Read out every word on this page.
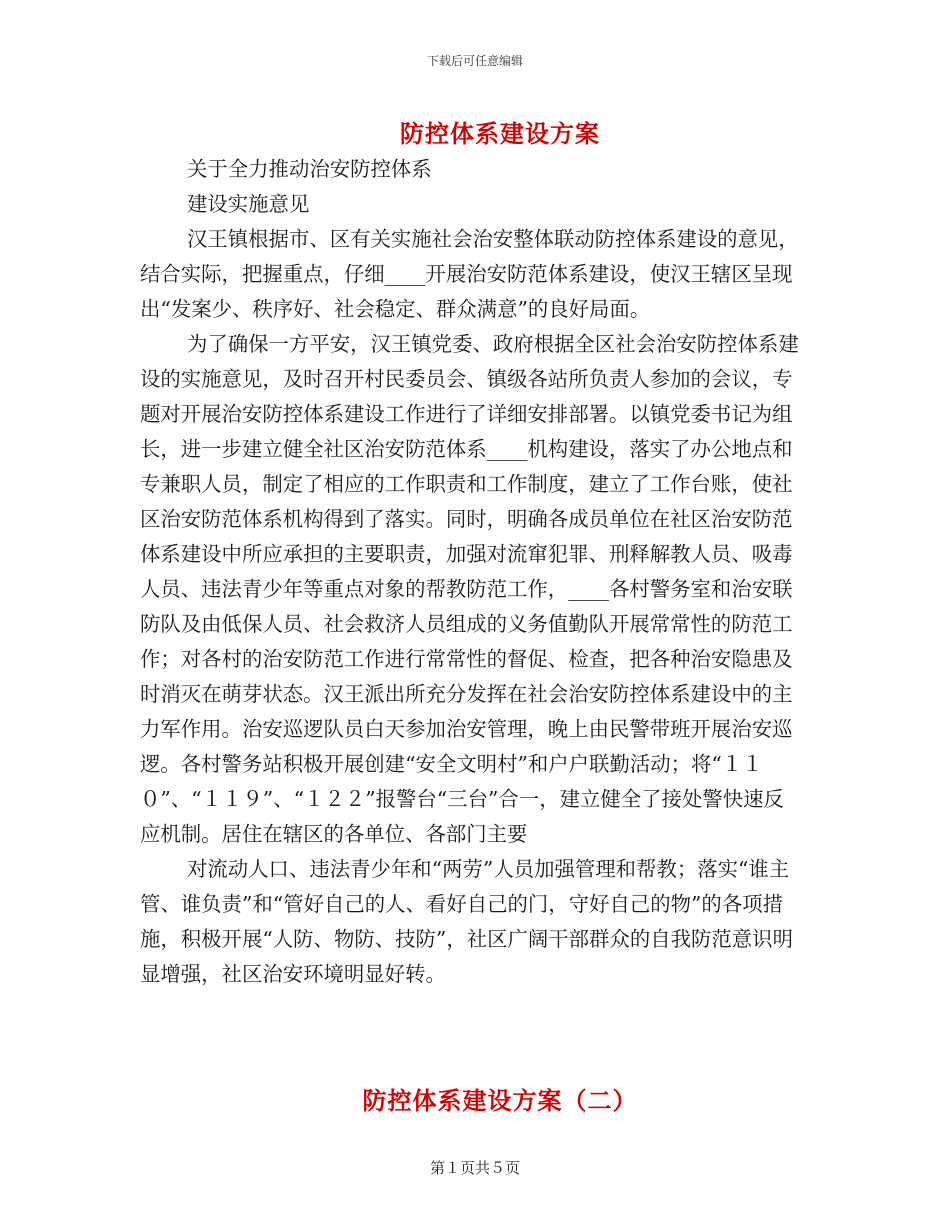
下载后可任意编辑
防控体系建设方案
关于全力推动治安防控体系
建设实施意见

汉王镇根据市、区有关实施社会治安整体联动防控体系建设的意见，结合实际，把握重点，仔细____开展治安防范体系建设，使汉王辖区呈现出“发案少、秩序好、社会稳定、群众满意”的良好局面。

为了确保一方平安，汉王镇党委、政府根据全区社会治安防控体系建设的实施意见，及时召开村民委员会、镇级各站所负责人参加的会议，专题对开展治安防控体系建设工作进行了详细安排部署。以镇党委书记为组长，进一步建立健全社区治安防范体系____机构建设，落实了办公地点和专兼职人员，制定了相应的工作职责和工作制度，建立了工作台账，使社区治安防范体系机构得到了落实。同时，明确各成员单位在社区治安防范体系建设中所应承担的主要职责，加强对流窜犯罪、刑释解教人员、吸毒人员、违法青少年等重点对象的帮教防范工作，____各村警务室和治安联防队及由低保人员、社会救济人员组成的义务值勤队开展常常性的防范工作；对各村的治安防范工作进行常常性的督促、检查，把各种治安隐患及时消灭在萌芽状态。汉王派出所充分发挥在社会治安防控体系建设中的主力军作用。治安巡逻队员白天参加治安管理，晚上由民警带班开展治安巡逻。各村警务站积极开展创建“安全文明村”和户户联勤活动；将“１１０”、“１１９”、“１２２”报警台“三台”合一，建立健全了接处警快速反应机制。居住在辖区的各单位、各部门主要

对流动人口、违法青少年和“两劳”人员加强管理和帮教；落实“谁主管、谁负责”和“管好自己的人、看好自己的门，守好自己的物”的各项措施，积极开展“人防、物防、技防”，社区广阔干部群众的自我防范意识明显增强，社区治安环境明显好转。

防控体系建设方案（二）
第１页共５页
